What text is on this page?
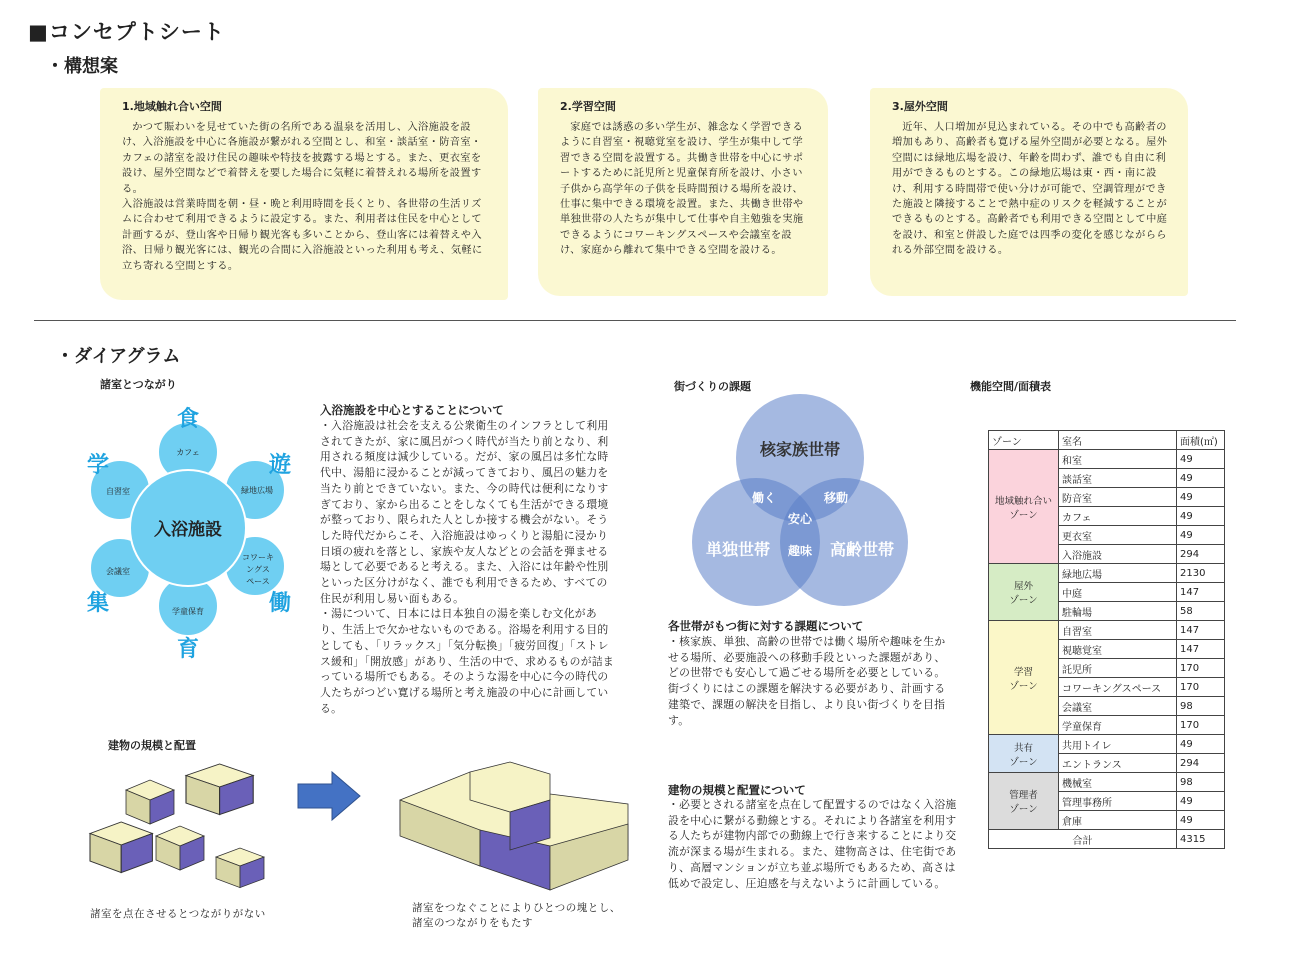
■コンセプトシート
・構想案
1.地域触れ合い空間

かつて賑わいを見せていた街の名所である温泉を活用し、入浴施設を設け、入浴施設を中心に各施設が繋がれる空間とし、和室・談話室・防音室・カフェの諸室を設け住民の趣味や特技を披露する場とする。また、更衣室を設け、屋外空間などで着替えを要した場合に気軽に着替えれる場所を設置する。
入浴施設は営業時間を朝・昼・晩と利用時間を長くとり、各世帯の生活リズムに合わせて利用できるように設定する。また、利用者は住民を中心として計画するが、登山客や日帰り観光客も多いことから、登山客には着替えや入浴、日帰り観光客には、観光の合間に入浴施設といった利用も考え、気軽に立ち寄れる空間とする。

2.学習空間

家庭では誘惑の多い学生が、雑念なく学習できるように自習室・視聴覚室を設け、学生が集中して学習できる空間を設置する。共働き世帯を中心にサポートするために託児所と児童保育所を設け、小さい子供から高学年の子供を長時間預ける場所を設け、仕事に集中できる環境を設置。また、共働き世帯や単独世帯の人たちが集中して仕事や自主勉強を実施できるようにコワーキングスペースや会議室を設け、家庭から離れて集中できる空間を設ける。

3.屋外空間

近年、人口増加が見込まれている。その中でも高齢者の増加もあり、高齢者も寛げる屋外空間が必要となる。屋外空間には緑地広場を設け、年齢を問わず、誰でも自由に利用ができるものとする。この緑地広場は東・西・南に設け、利用する時間帯で使い分けが可能で、空調管理ができた施設と隣接することで熱中症のリスクを軽減することができるものとする。高齢者でも利用できる空間として中庭を設け、和室と併設した庭では四季の変化を感じながらられる外部空間を設ける。

・ダイアグラム
諸室とつながり
入浴施設
カフェ
緑地広場
コワーキ
ングス
ペース
学童保育
会議室
自習室
食
遊
働
育
集
学
入浴施設を中心とすることについて
・入浴施設は社会を支える公衆衛生のインフラとして利用されてきたが、家に風呂がつく時代が当たり前となり、利用される頻度は減少している。だが、家の風呂は多忙な時代中、湯船に浸かることが減ってきており、風呂の魅力を当たり前とできていない。また、今の時代は便利になりすぎており、家から出ることをしなくても生活ができる環境が整っており、限られた人としか接する機会がない。そうした時代だからこそ、入浴施設はゆっくりと湯船に浸かり日頃の疲れを落とし、家族や友人などとの会話を弾ませる場として必要であると考える。また、入浴には年齢や性別といった区分けがなく、誰でも利用できるため、すべての住民が利用し易い面もある。
・湯について、日本には日本独自の湯を楽しむ文化があり、生活上で欠かせないものである。浴場を利用する目的としても、「リラックス」「気分転換」「疲労回復」「ストレス緩和」「開放感」があり、生活の中で、求めるものが詰まっている場所でもある。そのような湯を中心に今の時代の人たちがつどい寛げる場所と考え施設の中心に計画している。
街づくりの課題
核家族世帯
単独世帯	高齢世帯
働く	移動
安心
趣味
各世帯がもつ街に対する課題について
・核家族、単独、高齢の世帯では働く場所や趣味を生かせる場所、必要施設への移動手段といった課題があり、どの世帯でも安心して過ごせる場所を必要としている。街づくりにはこの課題を解決する必要があり、計画する建築で、課題の解決を目指し、より良い街づくりを目指す。
建物の規模と配置
諸室を点在させるとつながりがない	諸室をつなぐことによりひとつの塊とし、諸室のつながりをもたす
建物の規模と配置について
・必要とされる諸室を点在して配置するのではなく入浴施設を中心に繋がる動線とする。それにより各諸室を利用する人たちが建物内部での動線上で行き来することにより交流が深まる場が生まれる。また、建物高さは、住宅街であり、高層マンションが立ち並ぶ場所でもあるため、高さは低めで設定し、圧迫感を与えないように計画している。
機能空間/面積表
ゾーン	室名	面積(㎡)
地域触れ合い
ゾーン	和室	49
	談話室	49
	防音室	49
	カフェ	49
	更衣室	49
	入浴施設	294
屋外
ゾーン	緑地広場	2130
	中庭	147
	駐輪場	58
学習
ゾーン	自習室	147
	視聴覚室	147
	託児所	170
	コワーキングスペース	170
	会議室	98
	学童保育	170
共有
ゾーン	共用トイレ	49
	エントランス	294
管理者
ゾーン	機械室	98
	管理事務所	49
	倉庫	49
合計		4315
